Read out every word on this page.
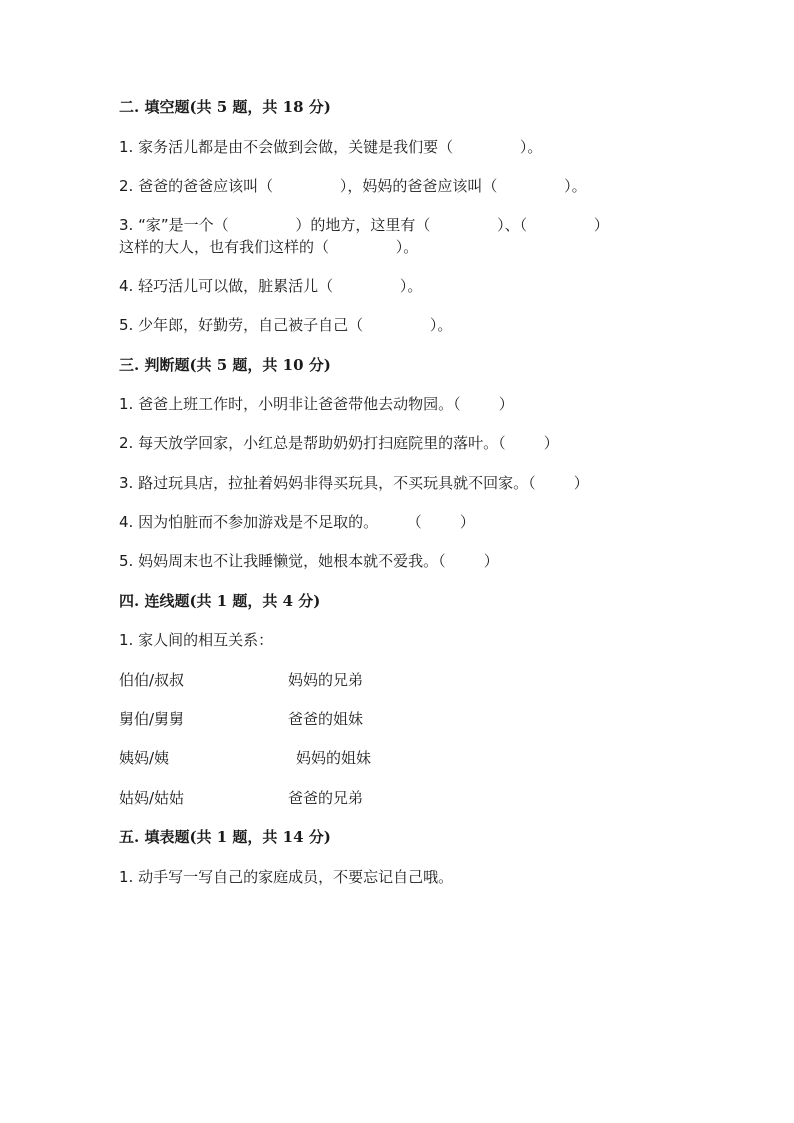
二. 填空题(共 5 题，共 18 分)
1. 家务活儿都是由不会做到会做，关键是我们要（              ）。
2. 爸爸的爸爸应该叫（              ），妈妈的爸爸应该叫（              ）。
3. “家”是一个（              ）的地方，这里有（              ）、（              ）
这样的大人，也有我们这样的（              ）。
4. 轻巧活儿可以做，脏累活儿（              ）。
5. 少年郎，好勤劳，自己被子自己（              ）。
三. 判断题(共 5 题，共 10 分)
1. 爸爸上班工作时，小明非让爸爸带他去动物园。（        ）
2. 每天放学回家，小红总是帮助奶奶打扫庭院里的落叶。（        ）
3. 路过玩具店，拉扯着妈妈非得买玩具，不买玩具就不回家。（        ）
4. 因为怕脏而不参加游戏是不足取的。      （        ）
5. 妈妈周末也不让我睡懒觉，她根本就不爱我。（        ）
四. 连线题(共 1 题，共 4 分)
1. 家人间的相互关系：
伯伯/叔叔	妈妈的兄弟
舅伯/舅舅	爸爸的姐妹
姨妈/姨	妈妈的姐妹
姑妈/姑姑	爸爸的兄弟
五. 填表题(共 1 题，共 14 分)
1. 动手写一写自己的家庭成员，不要忘记自己哦。
